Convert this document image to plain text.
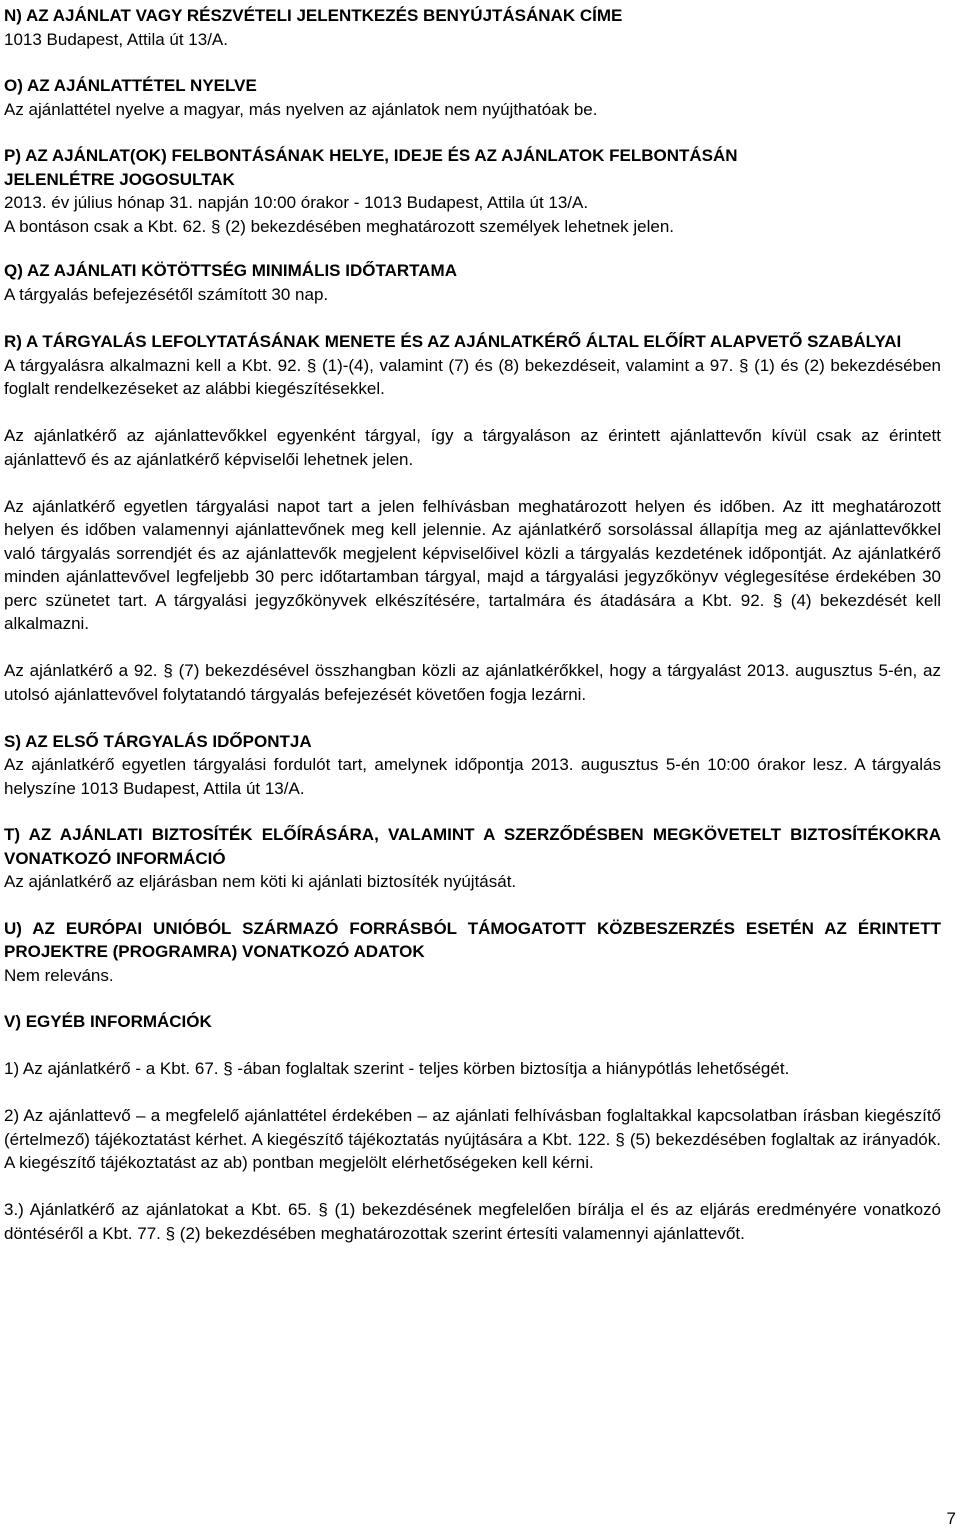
N) AZ AJÁNLAT VAGY RÉSZVÉTELI JELENTKEZÉS BENYÚJTÁSÁNAK CÍME

1013 Budapest, Attila út 13/A.

O) AZ AJÁNLATTÉTEL NYELVE

Az ajánlattétel nyelve a magyar, más nyelven az ajánlatok nem nyújthatóak be.

P) AZ AJÁNLAT(OK) FELBONTÁSÁNAK HELYE, IDEJE ÉS AZ AJÁNLATOK FELBONTÁSÁN

JELENLÉTRE JOGOSULTAK

2013. év július hónap 31. napján 10:00 órakor - 1013 Budapest, Attila út 13/A.

A bontáson csak a Kbt. 62. § (2) bekezdésében meghatározott személyek lehetnek jelen.

Q) AZ AJÁNLATI KÖTÖTTSÉG MINIMÁLIS IDŐTARTAMA

A tárgyalás befejezésétől számított 30 nap.

R) A TÁRGYALÁS LEFOLYTATÁSÁNAK MENETE ÉS AZ AJÁNLATKÉRŐ ÁLTAL ELŐÍRT ALAPVETŐ SZABÁLYAI

A tárgyalásra alkalmazni kell a Kbt. 92. § (1)-(4), valamint (7) és (8) bekezdéseit, valamint a 97. § (1) és (2) bekezdésében foglalt rendelkezéseket az alábbi kiegészítésekkel.

Az ajánlatkérő az ajánlattevőkkel egyenként tárgyal, így a tárgyaláson az érintett ajánlattevőn kívül csak az érintett ajánlattevő és az ajánlatkérő képviselői lehetnek jelen.

Az ajánlatkérő egyetlen tárgyalási napot tart a jelen felhívásban meghatározott helyen és időben. Az itt meghatározott helyen és időben valamennyi ajánlattevőnek meg kell jelennie. Az ajánlatkérő sorsolással állapítja meg az ajánlattevőkkel való tárgyalás sorrendjét és az ajánlattevők megjelent képviselőivel közli a tárgyalás kezdetének időpontját. Az ajánlatkérő minden ajánlattevővel legfeljebb 30 perc időtartamban tárgyal, majd a tárgyalási jegyzőkönyv véglegesítése érdekében 30 perc szünetet tart. A tárgyalási jegyzőkönyvek elkészítésére, tartalmára és átadására a Kbt. 92. § (4) bekezdését kell alkalmazni.

Az ajánlatkérő a 92. § (7) bekezdésével összhangban közli az ajánlatkérőkkel, hogy a tárgyalást 2013. augusztus 5-én, az utolsó ajánlattevővel folytatandó tárgyalás befejezését követően fogja lezárni.

S) AZ ELSŐ TÁRGYALÁS IDŐPONTJA

Az ajánlatkérő egyetlen tárgyalási fordulót tart, amelynek időpontja 2013. augusztus 5-én 10:00 órakor lesz. A tárgyalás helyszíne 1013 Budapest, Attila út 13/A.

T) AZ AJÁNLATI BIZTOSÍTÉK ELŐÍRÁSÁRA, VALAMINT A SZERZŐDÉSBEN MEGKÖVETELT BIZTOSÍTÉKOKRA VONATKOZÓ INFORMÁCIÓ

Az ajánlatkérő az eljárásban nem köti ki ajánlati biztosíték nyújtását.

U) AZ EURÓPAI UNIÓBÓL SZÁRMAZÓ FORRÁSBÓL TÁMOGATOTT KÖZBESZERZÉS ESETÉN AZ ÉRINTETT PROJEKTRE (PROGRAMRA) VONATKOZÓ ADATOK

Nem releváns.

V) EGYÉB INFORMÁCIÓK

1) Az ajánlatkérő - a Kbt. 67. § -ában foglaltak szerint - teljes körben biztosítja a hiánypótlás lehetőségét.

2) Az ajánlattevő – a megfelelő ajánlattétel érdekében – az ajánlati felhívásban foglaltakkal kapcsolatban írásban kiegészítő (értelmező) tájékoztatást kérhet. A kiegészítő tájékoztatás nyújtására a Kbt. 122. § (5) bekezdésében foglaltak az irányadók. A kiegészítő tájékoztatást az ab) pontban megjelölt elérhetőségeken kell kérni.

3.) Ajánlatkérő az ajánlatokat a Kbt. 65. § (1) bekezdésének megfelelően bírálja el és az eljárás eredményére vonatkozó döntéséről a Kbt. 77. § (2) bekezdésében meghatározottak szerint értesíti valamennyi ajánlattevőt.

7
